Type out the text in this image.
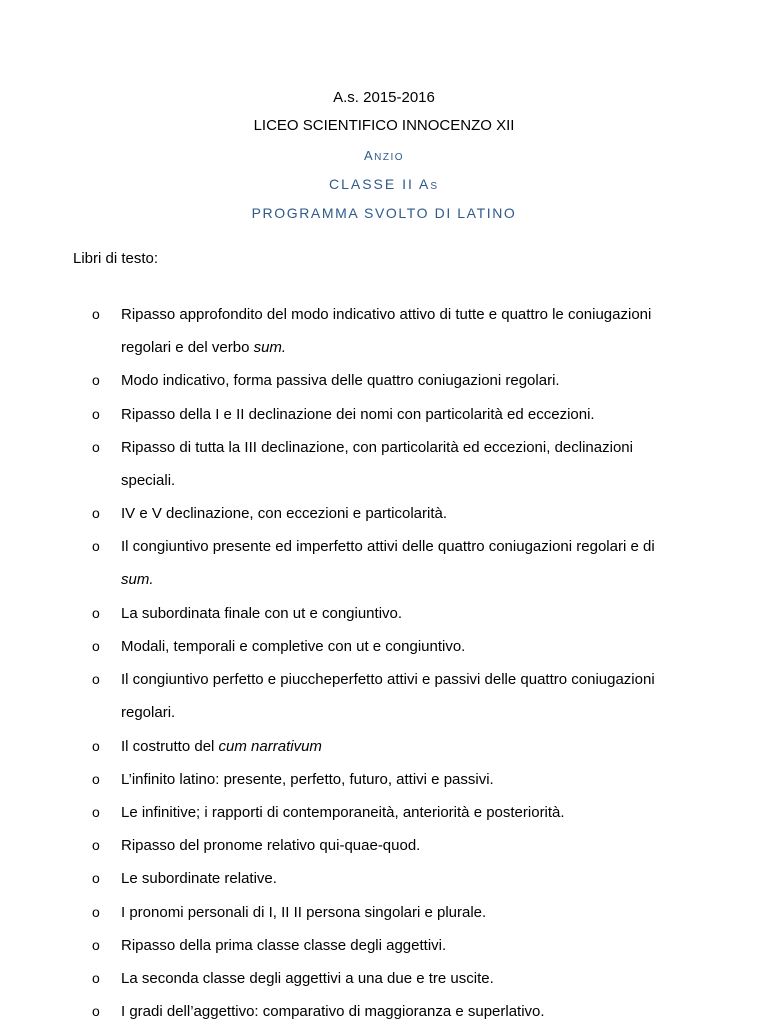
A.s. 2015-2016
LICEO SCIENTIFICO INNOCENZO XII
ANZIO
CLASSE II AS
PROGRAMMA SVOLTO DI LATINO
Libri di testo:
o Ripasso approfondito del modo indicativo attivo di tutte e quattro le coniugazioni
regolari e del verbo sum.
o Modo indicativo, forma passiva delle quattro coniugazioni regolari.
o Ripasso della I e II declinazione dei nomi con particolarità ed eccezioni.
o Ripasso di tutta la III declinazione, con particolarità ed eccezioni, declinazioni
speciali.
o IV e V declinazione, con eccezioni e particolarità.
o Il congiuntivo presente ed imperfetto attivi delle quattro coniugazioni regolari e di
sum.
o La subordinata finale con ut e congiuntivo.
o Modali, temporali e completive con ut e congiuntivo.
o Il congiuntivo perfetto e piuccheperfetto attivi e passivi delle quattro coniugazioni
regolari.
o Il costrutto del cum narrativum
o L’infinito latino: presente, perfetto, futuro, attivi e passivi.
o Le infinitive; i rapporti di contemporaneità, anteriorità e posteriorità.
o Ripasso del pronome relativo qui-quae-quod.
o Le subordinate relative.
o I pronomi personali di I, II II persona singolari e plurale.
o Ripasso della prima classe classe degli aggettivi.
o La seconda classe degli aggettivi a una due e tre uscite.
o I gradi dell’aggettivo: comparativo di maggioranza e superlativo.
